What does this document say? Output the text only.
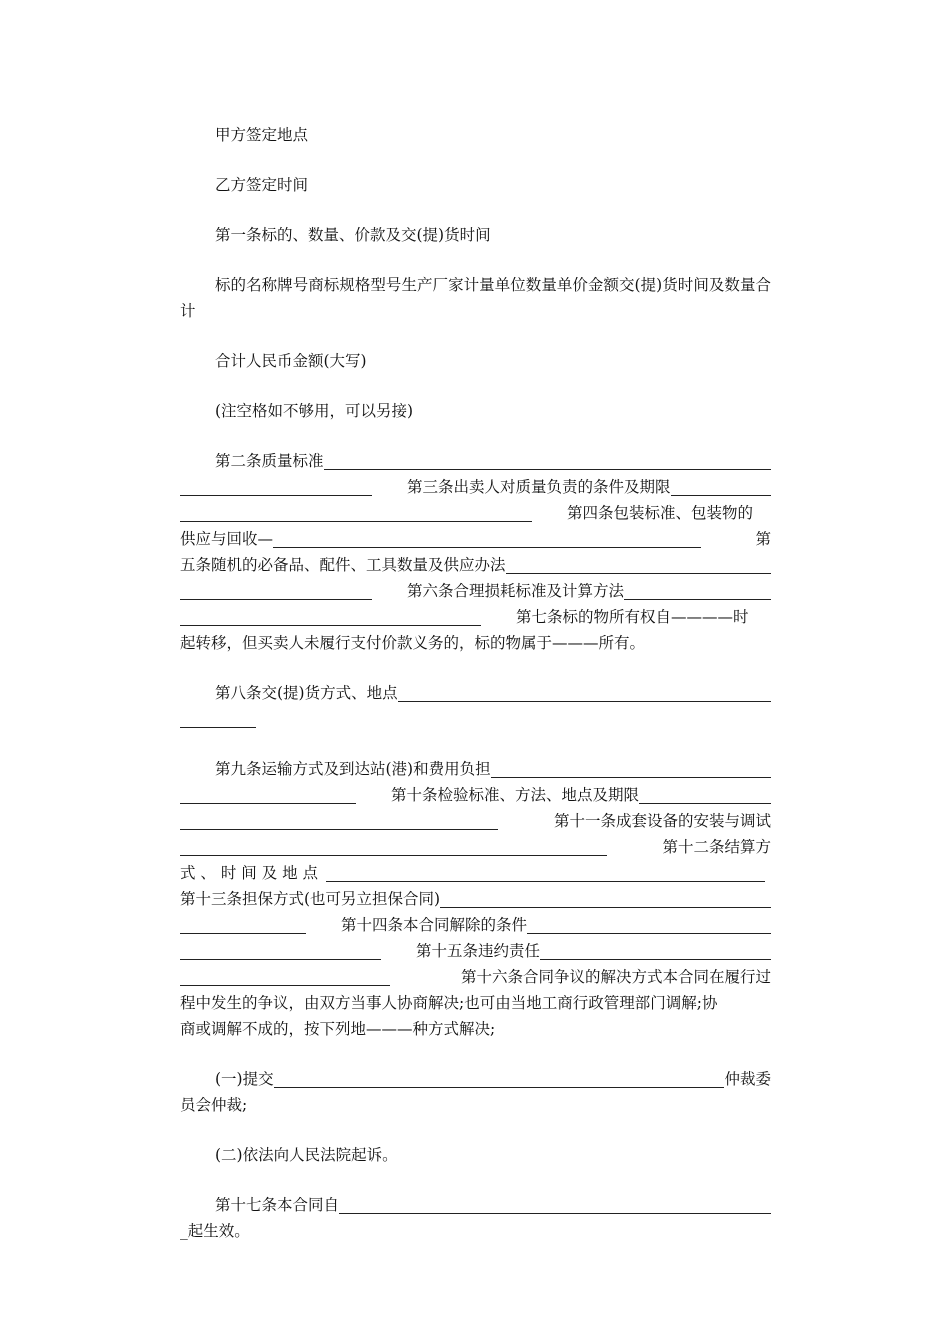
甲方签定地点

乙方签定时间

第一条标的、数量、价款及交(提)货时间

标的名称牌号商标规格型号生产厂家计量单位数量单价金额交(提)货时间及数量合计

合计人民币金额(大写)

(注空格如不够用，可以另接)

第二条质量标准
第三条出卖人对质量负责的条件及期限
第四条包装标准、包装物的
供应与回收—	第
五条随机的必备品、配件、工具数量及供应办法
第六条合理损耗标准及计算方法
第七条标的物所有权自————时
起转移，但买卖人未履行支付价款义务的，标的物属于———所有。
第八条交(提)货方式、地点
第九条运输方式及到达站(港)和费用负担
第十条检验标准、方法、地点及期限
第十一条成套设备的安装与调试
第十二条结算方
式 、 时 间 及 地 点
第十三条担保方式(也可另立担保合同)
第十四条本合同解除的条件
第十五条违约责任
第十六条合同争议的解决方式本合同在履行过
程中发生的争议，由双方当事人协商解决;也可由当地工商行政管理部门调解;协
商或调解不成的，按下列地———种方式解决;
(一)提交	仲裁委
员会仲裁;

(二)依法向人民法院起诉。

第十七条本合同自
_起生效。
